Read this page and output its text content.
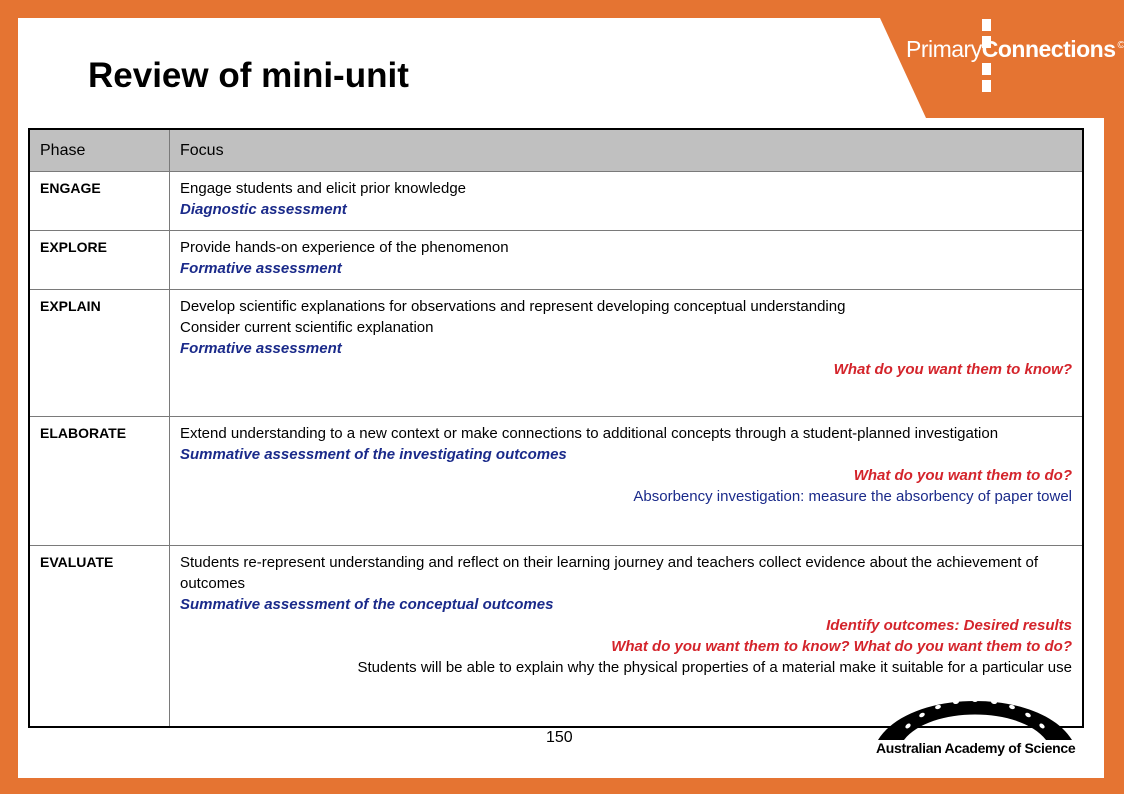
PrimaryConnections ©
Review of mini-unit
Phase	Focus
ENGAGE	Engage students and elicit prior knowledge
Diagnostic assessment

EXPLORE	Provide hands-on experience of the phenomenon
Formative assessment

EXPLAIN	Develop scientific explanations for observations and represent developing conceptual understanding
Consider current scientific explanation
Formative assessment
What do you want them to know?

ELABORATE	Extend understanding to a new context or make connections to additional concepts through a student-planned investigation
Summative assessment of the investigating outcomes
What do you want them to do?
Absorbency investigation: measure the absorbency of paper towel

EVALUATE	Students re-represent understanding and reflect on their learning journey and teachers collect evidence about the achievement of outcomes
Summative assessment of the conceptual outcomes
Identify outcomes: Desired results
What do you want them to know? What do you want them to do?
Students will be able to explain why the physical properties of a material make it suitable for a particular use
150
Australian Academy of Science
